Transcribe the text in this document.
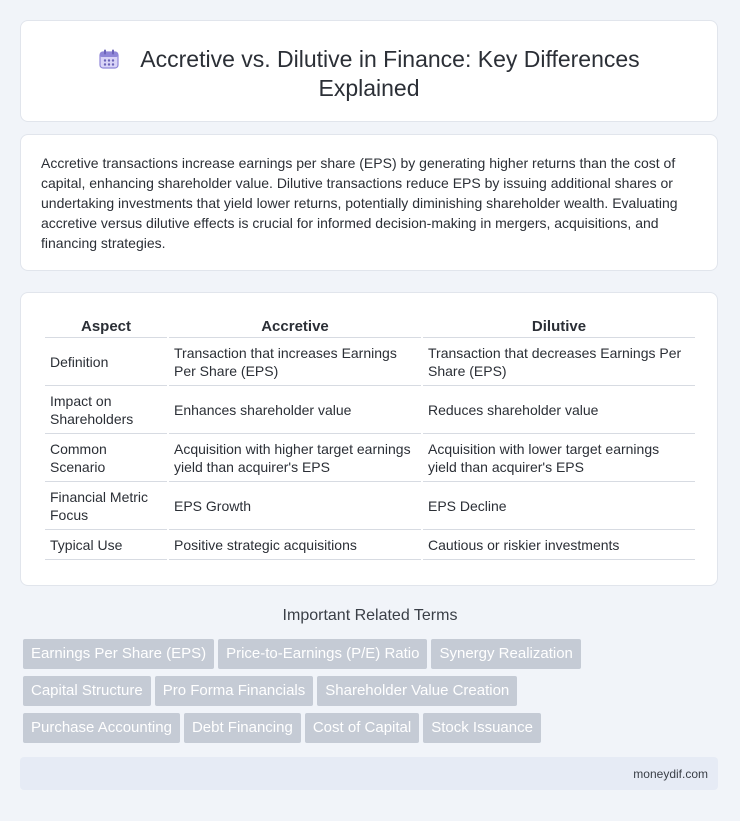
Accretive vs. Dilutive in Finance: Key Differences
Explained
Accretive transactions increase earnings per share (EPS) by generating higher returns than the cost of capital, enhancing shareholder value. Dilutive transactions reduce EPS by issuing additional shares or undertaking investments that yield lower returns, potentially diminishing shareholder wealth. Evaluating accretive versus dilutive effects is crucial for informed decision-making in mergers, acquisitions, and financing strategies.
Aspect	Accretive	Dilutive
Definition	Transaction that increases Earnings Per Share (EPS)	Transaction that decreases Earnings Per Share (EPS)
Impact on Shareholders	Enhances shareholder value	Reduces shareholder value
Common Scenario	Acquisition with higher target earnings yield than acquirer's EPS	Acquisition with lower target earnings yield than acquirer's EPS
Financial Metric Focus	EPS Growth	EPS Decline
Typical Use	Positive strategic acquisitions	Cautious or riskier investments
Important Related Terms
Earnings Per Share (EPS) Price-to-Earnings (P/E) Ratio Synergy Realization
Capital Structure Pro Forma Financials Shareholder Value Creation
Purchase Accounting Debt Financing Cost of Capital Stock Issuance
moneydif.com
